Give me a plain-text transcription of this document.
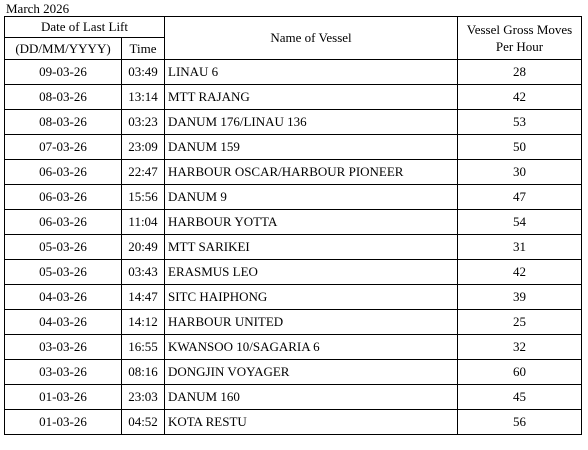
March 2026
Date of Last Lift		Name of Vessel	Vessel Gross Moves Per Hour
(DD/MM/YYYY)	Time		
09-03-26	03:49	LINAU 6	28
08-03-26	13:14	MTT RAJANG	42
08-03-26	03:23	DANUM 176/LINAU 136	53
07-03-26	23:09	DANUM 159	50
06-03-26	22:47	HARBOUR OSCAR/HARBOUR PIONEER	30
06-03-26	15:56	DANUM 9	47
06-03-26	11:04	HARBOUR YOTTA	54
05-03-26	20:49	MTT SARIKEI	31
05-03-26	03:43	ERASMUS LEO	42
04-03-26	14:47	SITC HAIPHONG	39
04-03-26	14:12	HARBOUR UNITED	25
03-03-26	16:55	KWANSOO 10/SAGARIA 6	32
03-03-26	08:16	DONGJIN VOYAGER	60
01-03-26	23:03	DANUM 160	45
01-03-26	04:52	KOTA RESTU	56
